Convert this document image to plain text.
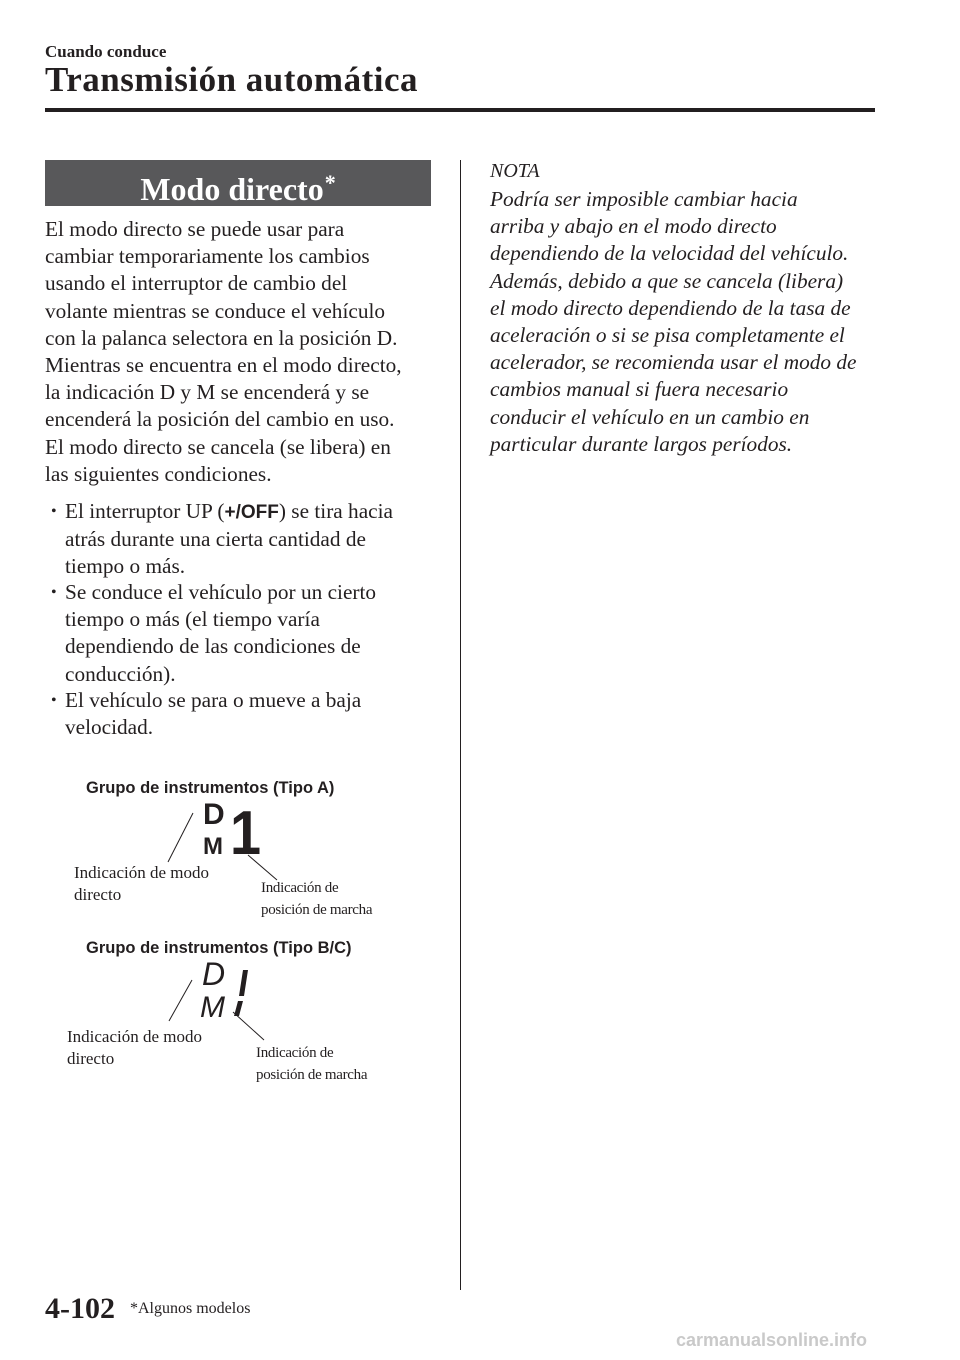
Cuando conduce
Transmisión automática
Modo directo*
El modo directo se puede usar para
cambiar temporariamente los cambios
usando el interruptor de cambio del
volante mientras se conduce el vehículo
con la palanca selectora en la posición D.
Mientras se encuentra en el modo directo,
la indicación D y M se encenderá y se
encenderá la posición del cambio en uso.
El modo directo se cancela (se libera) en
las siguientes condiciones.
• El interruptor UP (+/OFF) se tira hacia
atrás durante una cierta cantidad de
tiempo o más.
• Se conduce el vehículo por un cierto
tiempo o más (el tiempo varía
dependiendo de las condiciones de
conducción).
• El vehículo se para o mueve a baja
velocidad.
Grupo de instrumentos (Tipo A)
D
M 1
Indicación de modo
directo	Indicación de
posición de marcha
Grupo de instrumentos (Tipo B/C)
D
M
Indicación de modo
directo	Indicación de
posición de marcha
NOTA
Podría ser imposible cambiar hacia
arriba y abajo en el modo directo
dependiendo de la velocidad del vehículo.
Además, debido a que se cancela (libera)
el modo directo dependiendo de la tasa de
aceleración o si se pisa completamente el
acelerador, se recomienda usar el modo de
cambios manual si fuera necesario
conducir el vehículo en un cambio en
particular durante largos períodos.
4-102 *Algunos modelos
carmanualsonline.info
